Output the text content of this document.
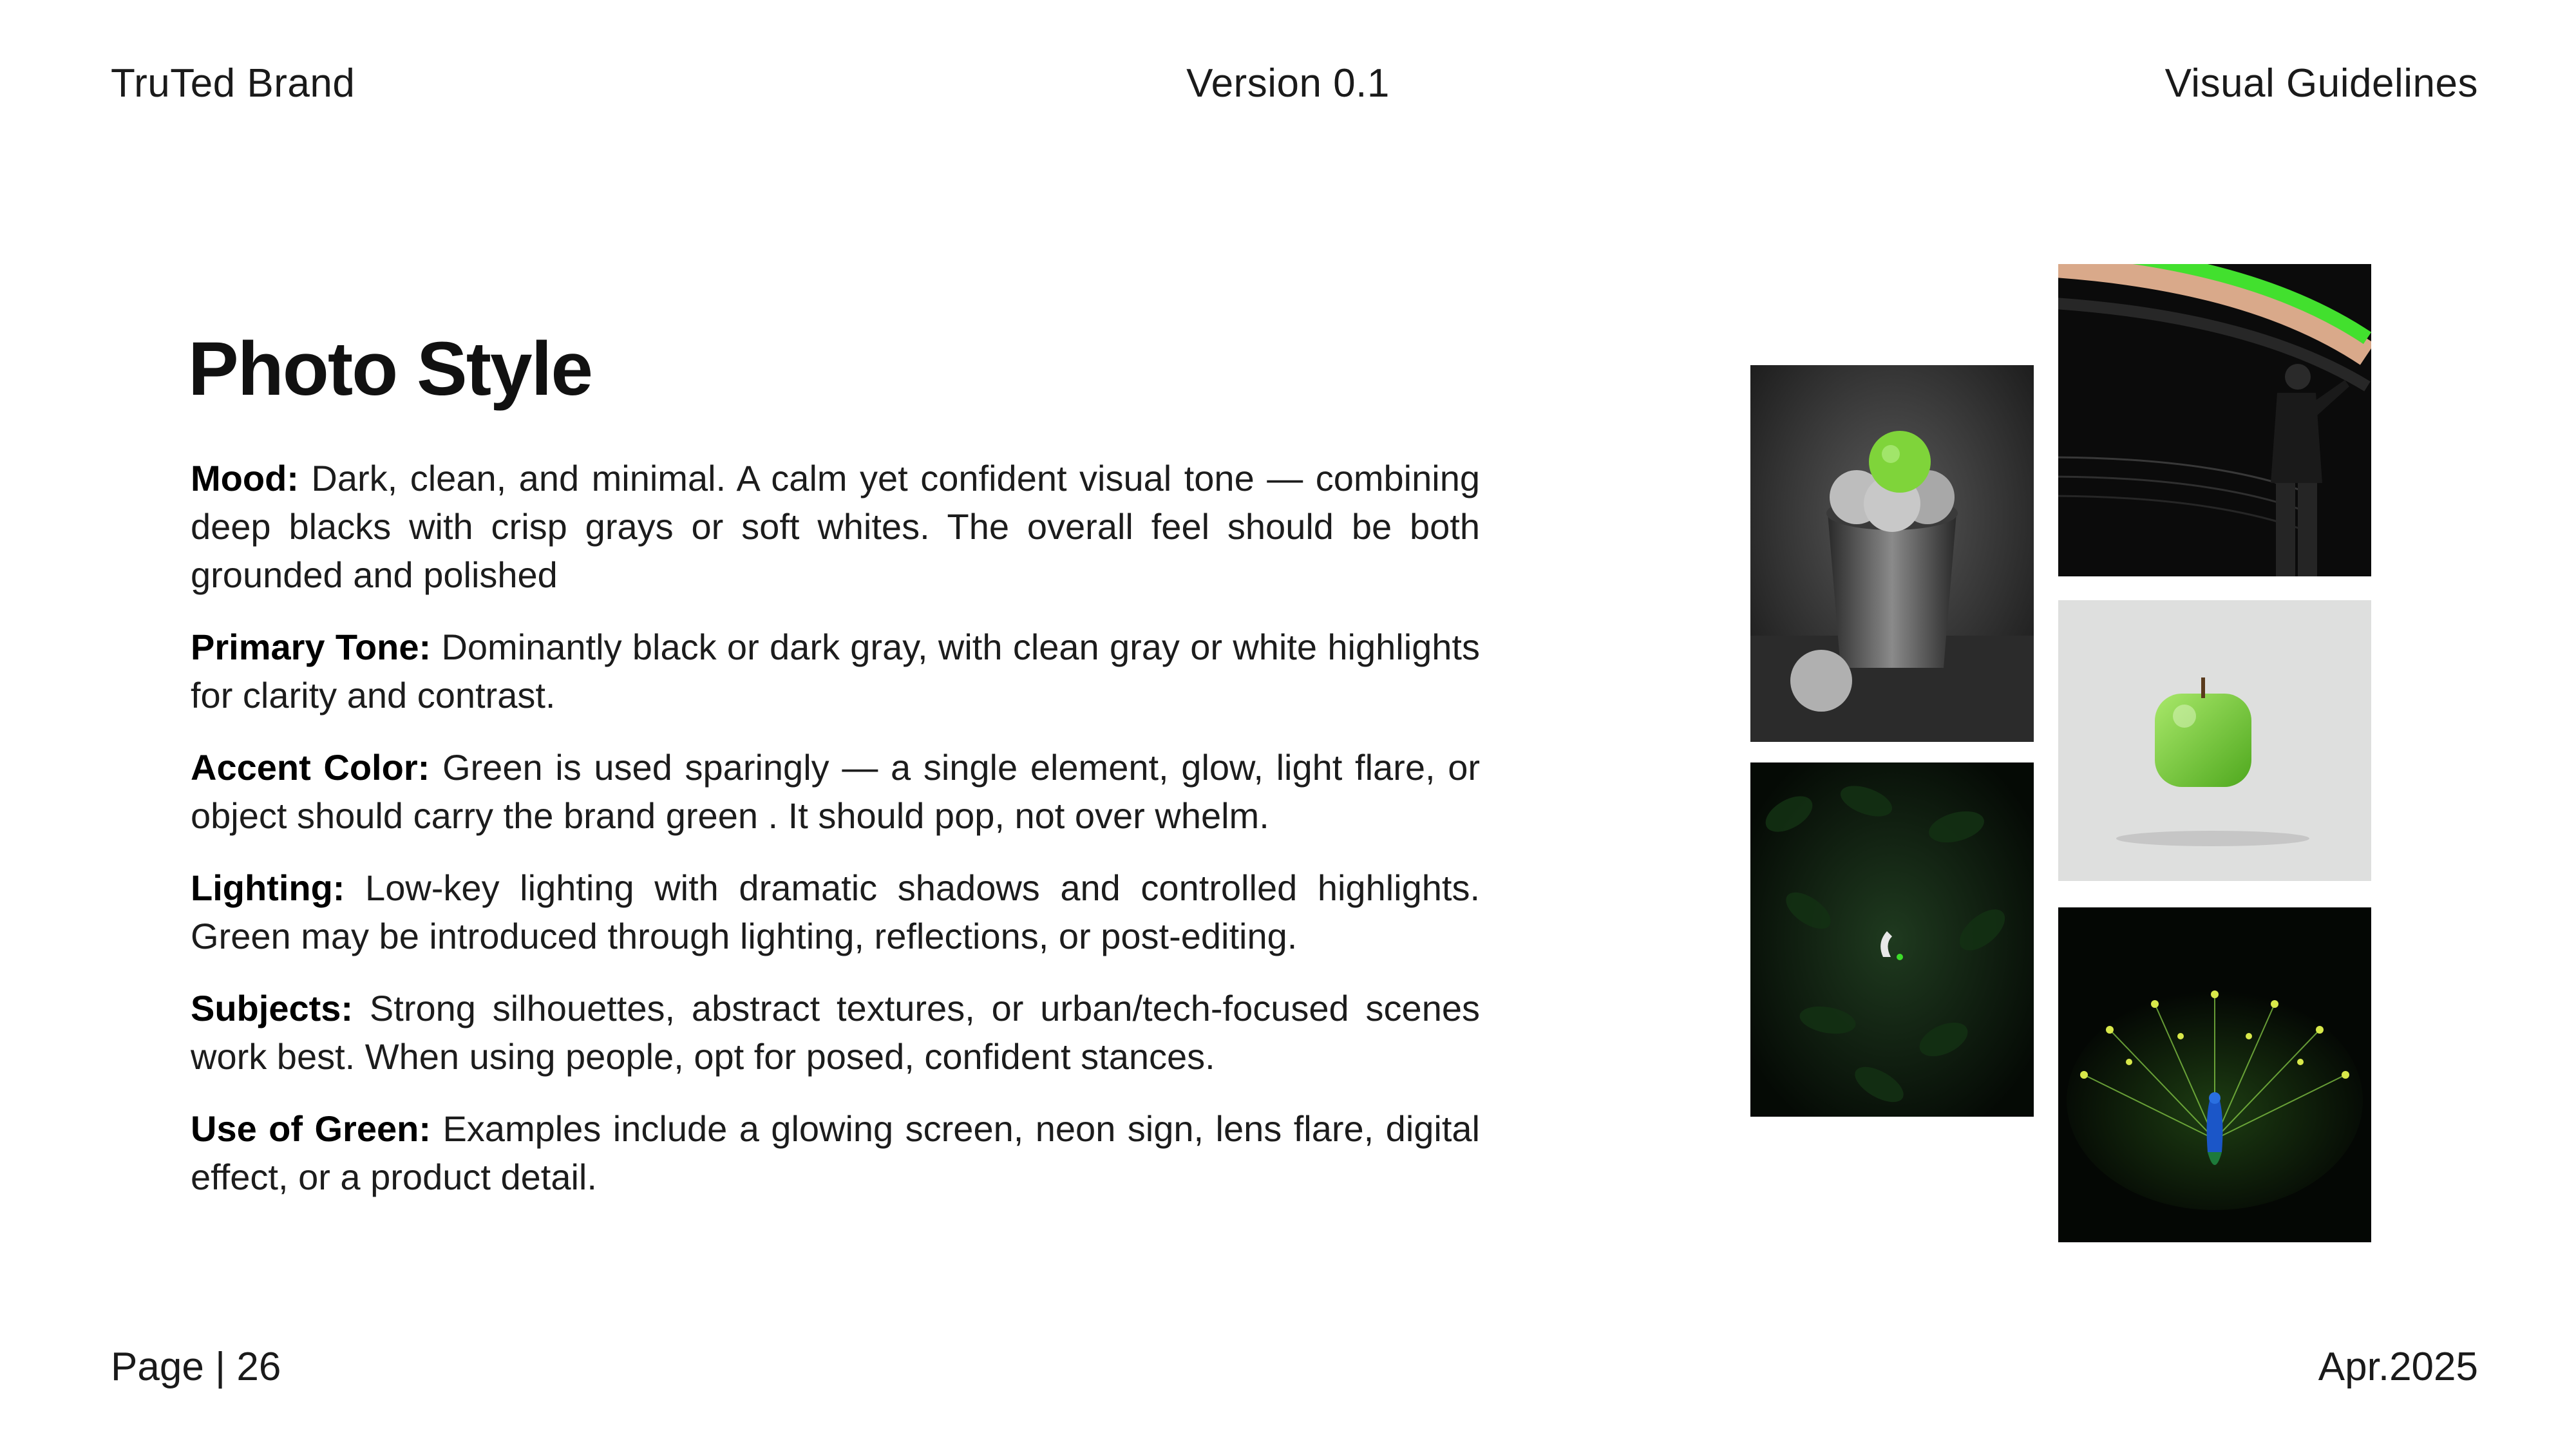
TruTed Brand	Version 0.1	Visual Guidelines
Photo Style

Mood: Dark, clean, and minimal. A calm yet confident visual tone — combining deep blacks with crisp grays or soft whites. The overall feel should be both grounded and polished

Primary Tone: Dominantly black or dark gray, with clean gray or white highlights for clarity and contrast.

Accent Color: Green is used sparingly — a single element, glow, light flare, or object should carry the brand green . It should pop, not over whelm.

Lighting: Low-key lighting with dramatic shadows and controlled highlights. Green may be introduced through lighting, reflections, or post-editing.

Subjects: Strong silhouettes, abstract textures, or urban/tech-focused scenes work best. When using people, opt for posed, confident stances.

Use of Green: Examples include a glowing screen, neon sign, lens flare, digital effect, or a product detail.

Page | 26	Apr.2025
